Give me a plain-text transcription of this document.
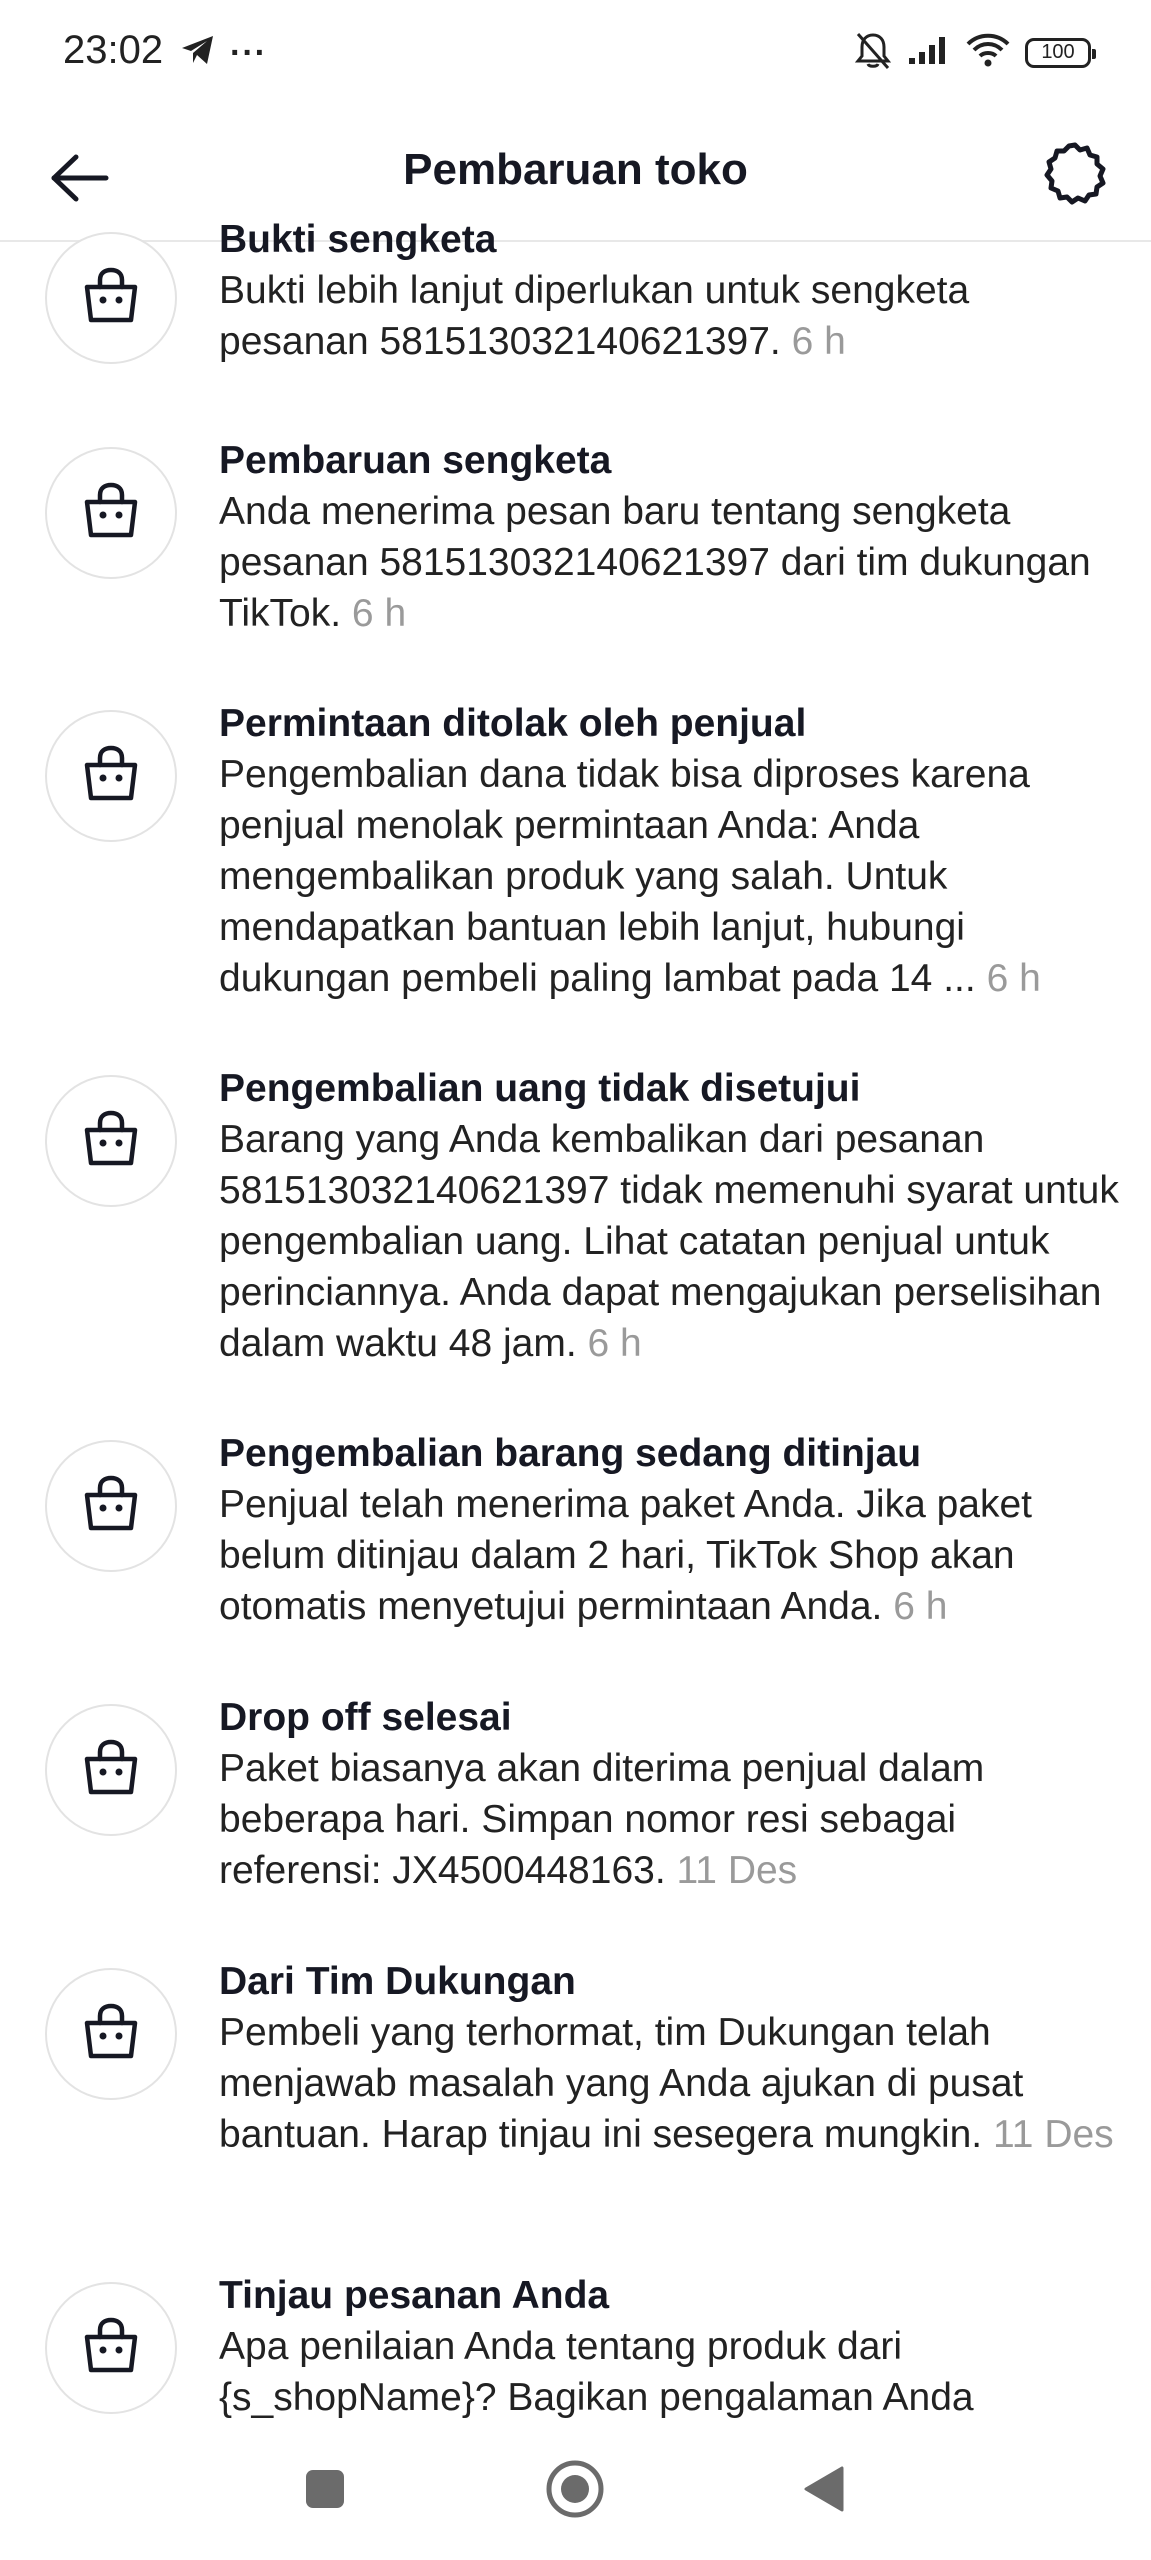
23:02 ···	100
Pembaruan toko
Bukti sengketa
Bukti lebih lanjut diperlukan untuk sengketa pesanan 581513032140621397. 6 h
Pembaruan sengketa
Anda menerima pesan baru tentang sengketa pesanan 581513032140621397 dari tim dukungan TikTok. 6 h
Permintaan ditolak oleh penjual
Pengembalian dana tidak bisa diproses karena penjual menolak permintaan Anda: Anda mengembalikan produk yang salah. Untuk mendapatkan bantuan lebih lanjut, hubungi dukungan pembeli paling lambat pada 14 ... 6 h
Pengembalian uang tidak disetujui
Barang yang Anda kembalikan dari pesanan 581513032140621397 tidak memenuhi syarat untuk pengembalian uang. Lihat catatan penjual untuk perinciannya. Anda dapat mengajukan perselisihan dalam waktu 48 jam. 6 h
Pengembalian barang sedang ditinjau
Penjual telah menerima paket Anda. Jika paket belum ditinjau dalam 2 hari, TikTok Shop akan otomatis menyetujui permintaan Anda. 6 h
Drop off selesai
Paket biasanya akan diterima penjual dalam beberapa hari. Simpan nomor resi sebagai referensi: JX4500448163. 11 Des
Dari Tim Dukungan
Pembeli yang terhormat, tim Dukungan telah menjawab masalah yang Anda ajukan di pusat bantuan. Harap tinjau ini sesegera mungkin. 11 Des
Tinjau pesanan Anda
Apa penilaian Anda tentang produk dari {s_shopName}? Bagikan pengalaman Anda
